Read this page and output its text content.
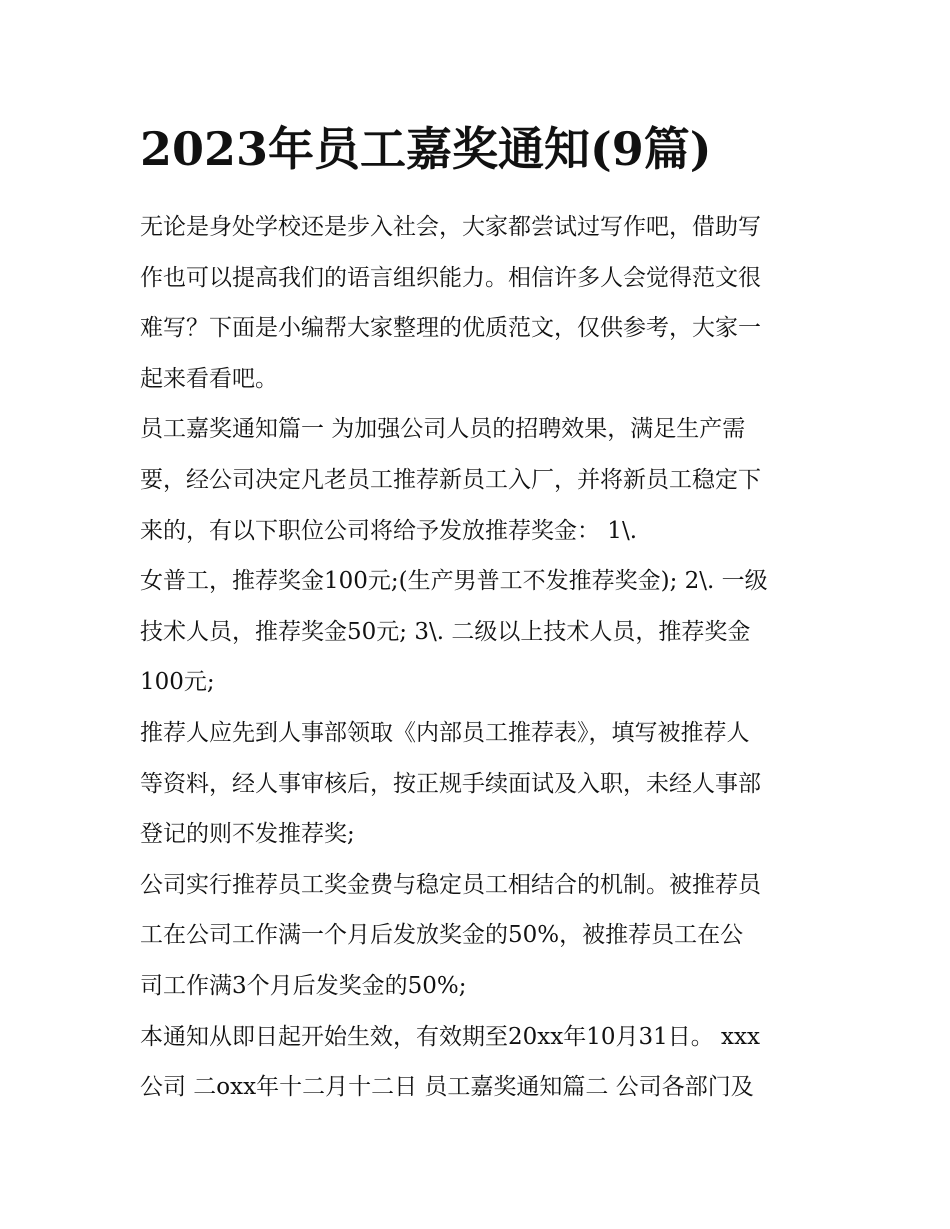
2023年员工嘉奖通知(9篇)
无论是身处学校还是步入社会，大家都尝试过写作吧，借助写
作也可以提高我们的语言组织能力。相信许多人会觉得范文很
难写？下面是小编帮大家整理的优质范文，仅供参考，大家一
起来看看吧。
员工嘉奖通知篇一 为加强公司人员的招聘效果，满足生产需
要，经公司决定凡老员工推荐新员工入厂，并将新员工稳定下
来的，有以下职位公司将给予发放推荐奖金： 1\.
女普工，推荐奖金100元;(生产男普工不发推荐奖金); 2\. 一级
技术人员，推荐奖金50元; 3\. 二级以上技术人员，推荐奖金
100元;
推荐人应先到人事部领取《内部员工推荐表》，填写被推荐人
等资料，经人事审核后，按正规手续面试及入职，未经人事部
登记的则不发推荐奖;
公司实行推荐员工奖金费与稳定员工相结合的机制。被推荐员
工在公司工作满一个月后发放奖金的50%，被推荐员工在公
司工作满3个月后发奖金的50%;
本通知从即日起开始生效，有效期至20xx年10月31日。 xxx
公司 二oxx年十二月十二日 员工嘉奖通知篇二 公司各部门及
